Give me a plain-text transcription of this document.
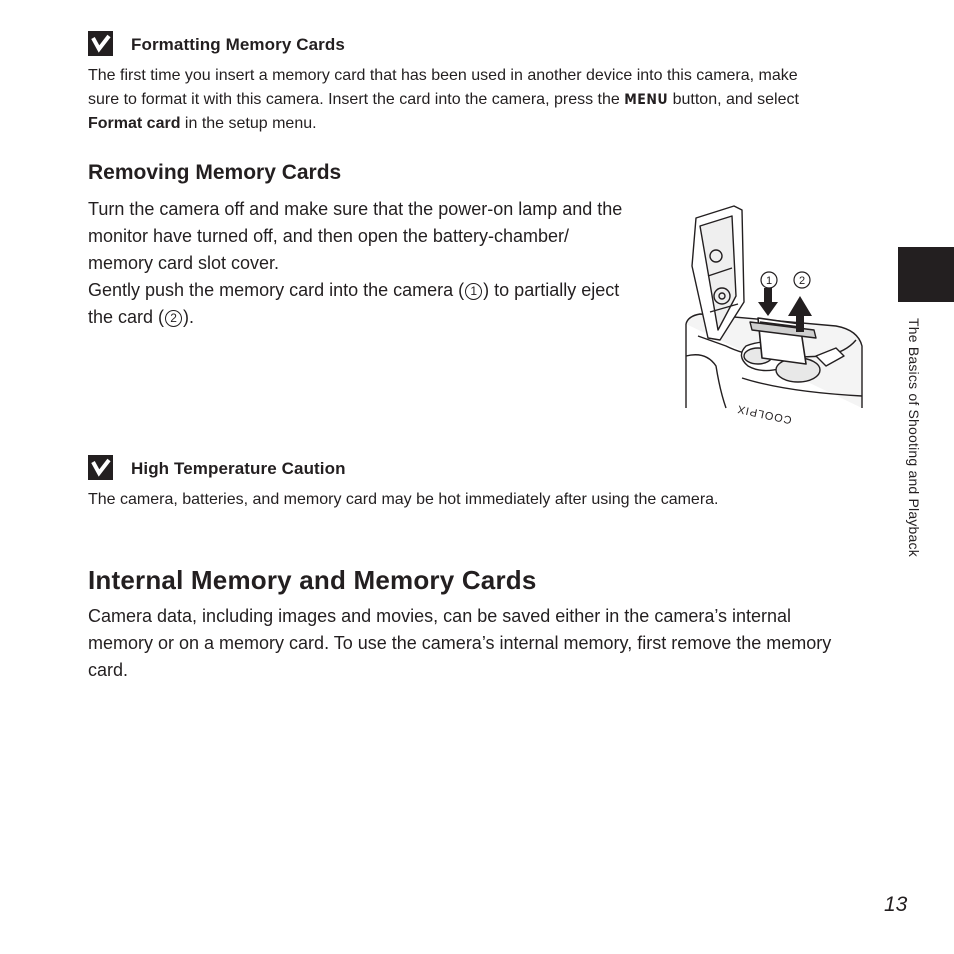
Formatting Memory Cards
The first time you insert a memory card that has been used in another device into this camera, make
sure to format it with this camera. Insert the card into the camera, press the MENU button, and select
Format card in the setup menu.
Removing Memory Cards
Turn the camera off and make sure that the power-on lamp and the
monitor have turned off, and then open the battery-chamber/
memory card slot cover.
Gently push the memory card into the camera ( 1 ) to partially eject
the card ( 2 ).
1 2
COOLPIX
High Temperature Caution
The camera, batteries, and memory card may be hot immediately after using the camera.
Internal Memory and Memory Cards
Camera data, including images and movies, can be saved either in the camera’s internal
memory or on a memory card. To use the camera’s internal memory, first remove the memory
card.
The Basics of Shooting and Playback
13
